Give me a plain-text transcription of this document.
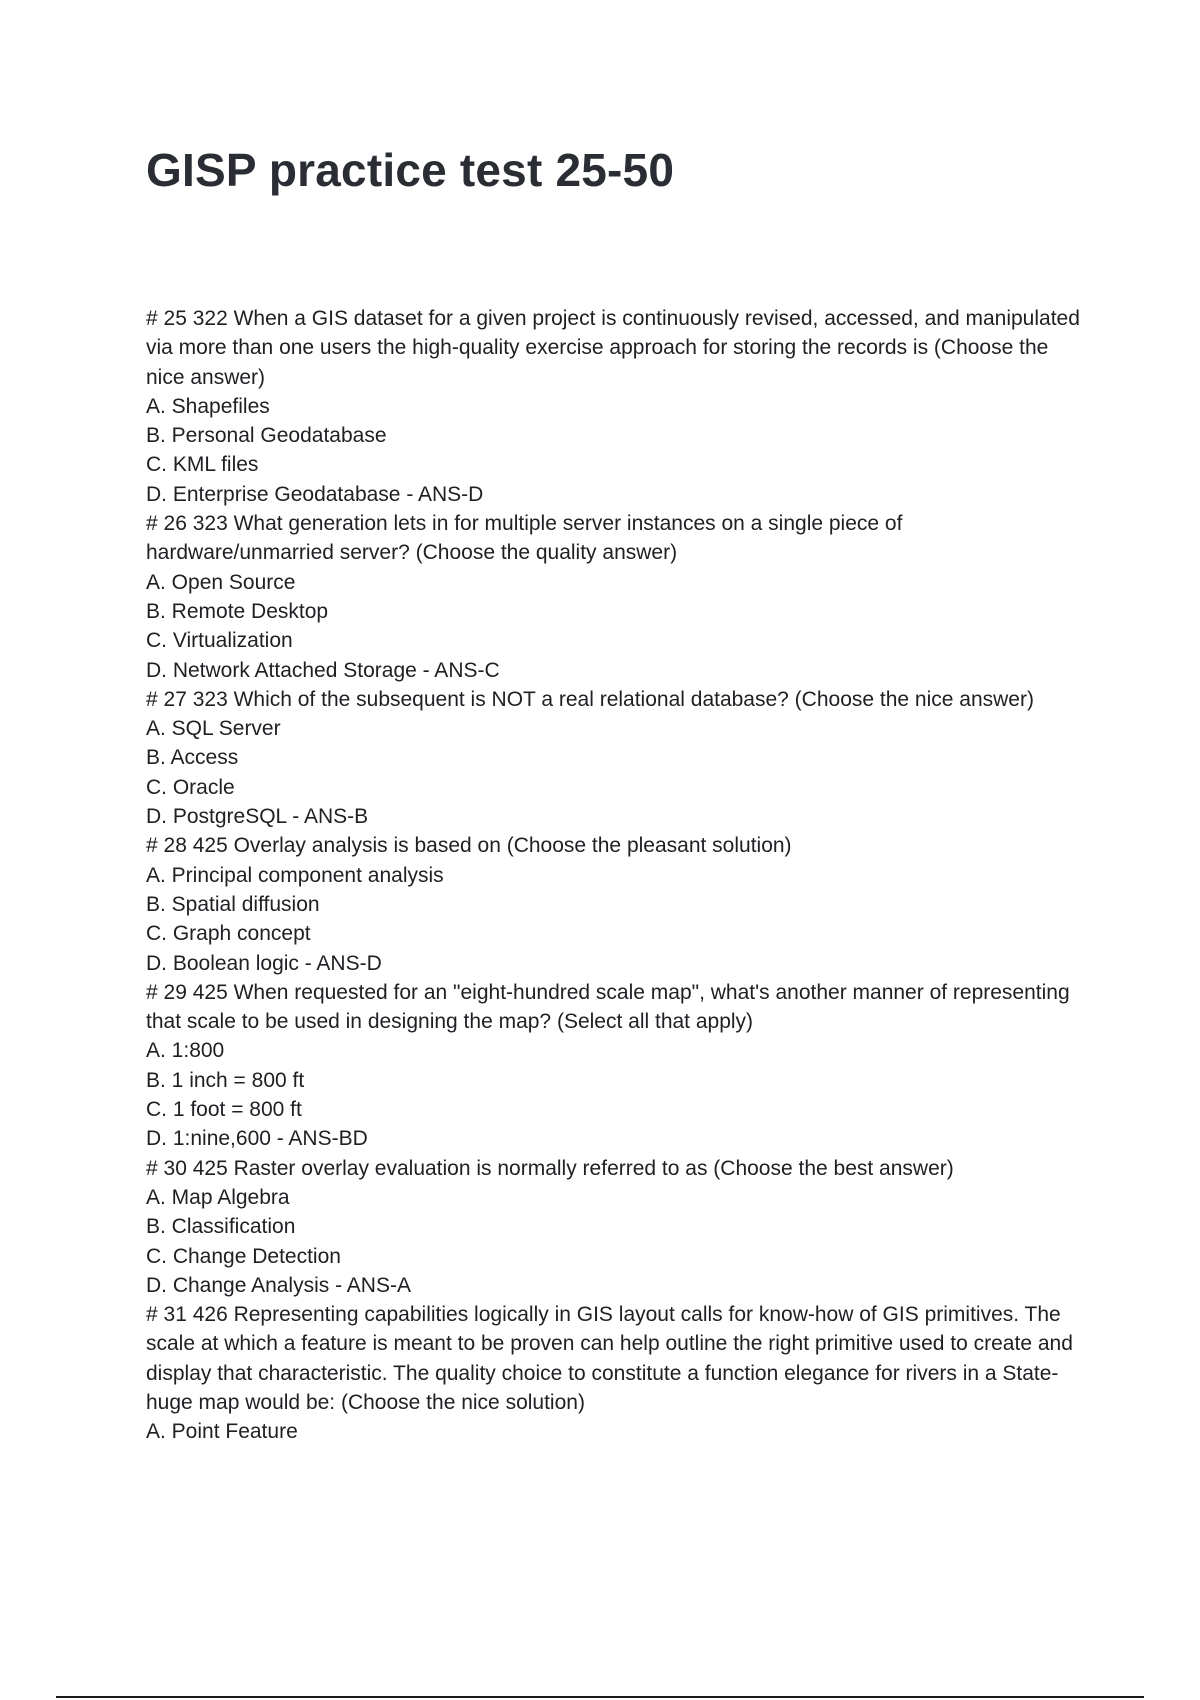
GISP practice test 25-50

# 25 322 When a GIS dataset for a given project is continuously revised, accessed, and manipulated via more than one users the high-quality exercise approach for storing the records is (Choose the nice answer)

A. Shapefiles

B. Personal Geodatabase

C. KML files

D. Enterprise Geodatabase - ANS-D

# 26 323 What generation lets in for multiple server instances on a single piece of hardware/unmarried server? (Choose the quality answer)

A. Open Source

B. Remote Desktop

C. Virtualization

D. Network Attached Storage - ANS-C

# 27 323 Which of the subsequent is NOT a real relational database? (Choose the nice answer)

A. SQL Server

B. Access

C. Oracle

D. PostgreSQL - ANS-B

# 28 425 Overlay analysis is based on (Choose the pleasant solution)

A. Principal component analysis

B. Spatial diffusion

C. Graph concept

D. Boolean logic - ANS-D

# 29 425 When requested for an "eight-hundred scale map", what's another manner of representing that scale to be used in designing the map? (Select all that apply)

A. 1:800

B. 1 inch = 800 ft

C. 1 foot = 800 ft

D. 1:nine,600 - ANS-BD

# 30 425 Raster overlay evaluation is normally referred to as (Choose the best answer)

A. Map Algebra

B. Classification

C. Change Detection

D. Change Analysis - ANS-A

# 31 426 Representing capabilities logically in GIS layout calls for know-how of GIS primitives. The scale at which a feature is meant to be proven can help outline the right primitive used to create and display that characteristic. The quality choice to constitute a function elegance for rivers in a State-huge map would be: (Choose the nice solution)

A. Point Feature
